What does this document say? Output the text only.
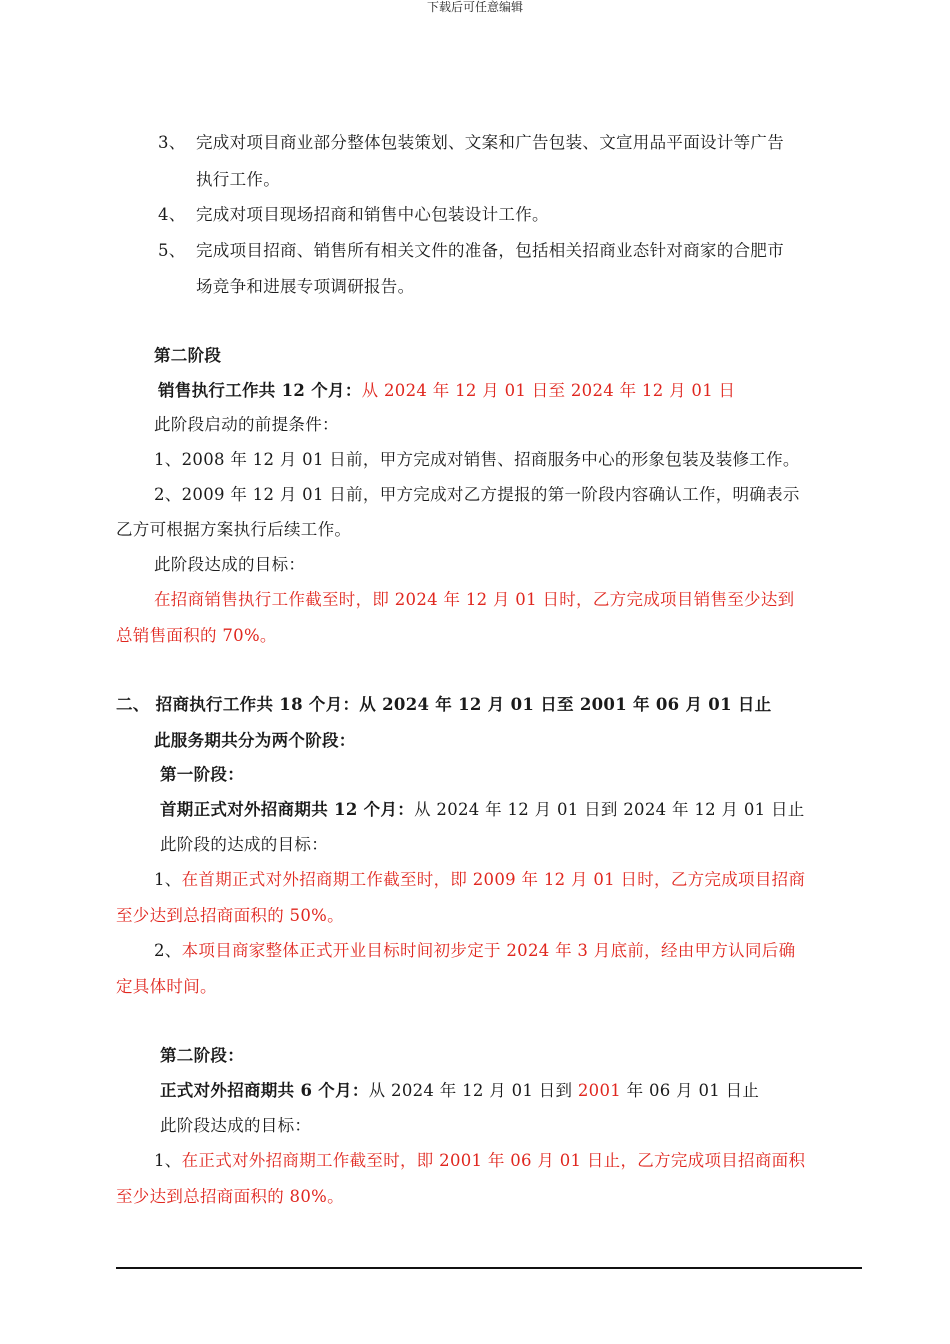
下载后可任意编辑
3、 完成对项目商业部分整体包装策划、文案和广告包装、文宣用品平面设计等广告
执行工作。
4、 完成对项目现场招商和销售中心包装设计工作。
5、 完成项目招商、销售所有相关文件的准备，包括相关招商业态针对商家的合肥市
场竞争和进展专项调研报告。
第二阶段
销售执行工作共 12 个月：从 2024 年 12 月 01 日至 2024 年 12 月 01 日
此阶段启动的前提条件：
1、2008 年 12 月 01 日前，甲方完成对销售、招商服务中心的形象包装及装修工作。
2、2009 年 12 月 01 日前，甲方完成对乙方提报的第一阶段内容确认工作，明确表示
乙方可根据方案执行后续工作。
此阶段达成的目标：
在招商销售执行工作截至时，即 2024 年 12 月 01 日时，乙方完成项目销售至少达到
总销售面积的 70%。
二、 招商执行工作共 18 个月：从 2024 年 12 月 01 日至 2001 年 06 月 01 日止
此服务期共分为两个阶段：
第一阶段：
首期正式对外招商期共 12 个月：从 2024 年 12 月 01 日到 2024 年 12 月 01 日止
此阶段的达成的目标：
1、在首期正式对外招商期工作截至时，即 2009 年 12 月 01 日时，乙方完成项目招商
至少达到总招商面积的 50%。
2、本项目商家整体正式开业目标时间初步定于 2024 年 3 月底前，经由甲方认同后确
定具体时间。
第二阶段：
正式对外招商期共 6 个月：从 2024 年 12 月 01 日到 2001 年 06 月 01 日止
此阶段达成的目标：
1、在正式对外招商期工作截至时，即 2001 年 06 月 01 日止，乙方完成项目招商面积
至少达到总招商面积的 80%。
